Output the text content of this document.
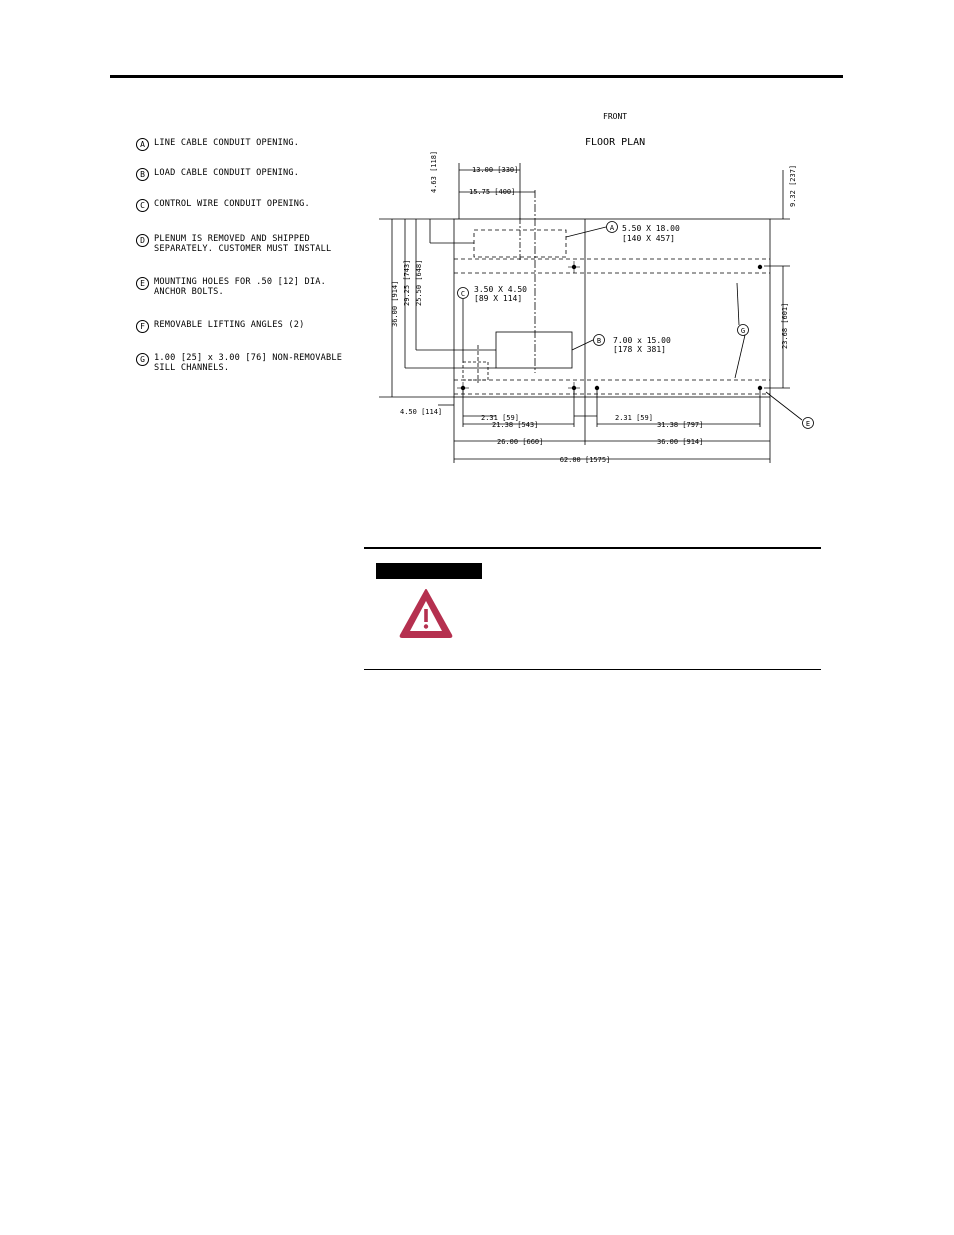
A	LINE CABLE CONDUIT OPENING.
B	LOAD CABLE CONDUIT OPENING.
C	CONTROL WIRE CONDUIT OPENING.
D	PLENUM IS REMOVED AND SHIPPED
SEPARATELY. CUSTOMER MUST INSTALL
E	MOUNTING HOLES FOR .50 [12] DIA.
ANCHOR BOLTS.
F	REMOVABLE LIFTING ANGLES (2)
G	1.00 [25] x 3.00 [76] NON-REMOVABLE
SILL CHANNELS.
FRONT
FLOOR PLAN
A
B
C
G
E
5.50 X 18.00
[140 X 457]
7.00 x 15.00
[178 X 381]
3.50 X 4.50
[89 X 114]
13.00 [330]
15.75 [400]
4.50 [114]
2.31 [59]
21.38 [543]
2.31 [59]
31.38 [797]
26.00 [660]	36.00 [914]
62.00 [1575]
4.63 [118]	9.32 [237]
36.00 [914] 29.25 [743] 25.50 [648]
23.68 [601]
